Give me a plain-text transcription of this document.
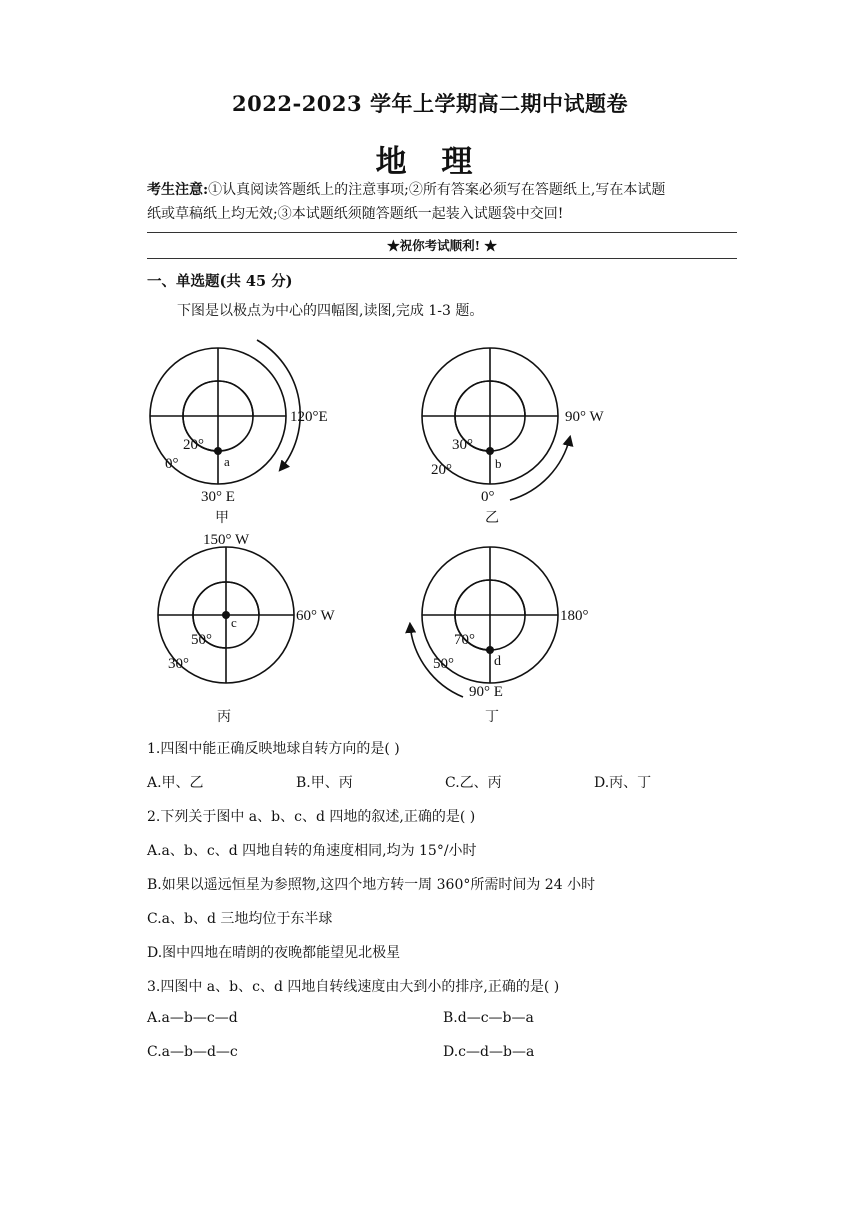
2022-2023 学年上学期高二期中试题卷
地 理
考生注意:①认真阅读答题纸上的注意事项;②所有答案必须写在答题纸上,写在本试题
纸或草稿纸上均无效;③本试题纸须随答题纸一起装入试题袋中交回!
★祝你考试顺利! ★
一、单选题(共 45 分)
下图是以极点为中心的四幅图,读图,完成 1-3 题。
120°E
20°
0°	a
30° E
甲
90° W
30°
20°	b
0°
乙
150° W
60° W
50°
30°
c
丙
180°
70°
50°	d
90° E
丁
1.四图中能正确反映地球自转方向的是( )
A.甲、乙	B.甲、丙	C.乙、丙	D.丙、丁
2.下列关于图中 a、b、c、d 四地的叙述,正确的是( )
A.a、b、c、d 四地自转的角速度相同,均为 15°/小时
B.如果以遥远恒星为参照物,这四个地方转一周 360°所需时间为 24 小时
C.a、b、d 三地均位于东半球
D.图中四地在晴朗的夜晚都能望见北极星
3.四图中 a、b、c、d 四地自转线速度由大到小的排序,正确的是( )
A.a—b—c—d	B.d—c—b—a
C.a—b—d—c	D.c—d—b—a
